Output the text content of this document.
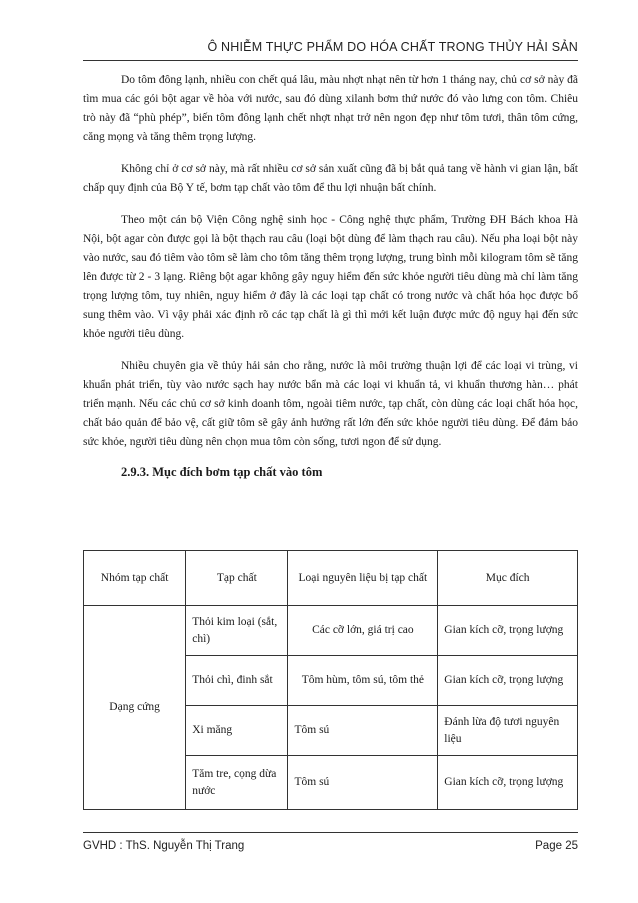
Ô NHIỄM THỰC PHẨM DO HÓA CHẤT TRONG THỦY HẢI SẢN

Do tôm đông lạnh, nhiều con chết quá lâu, màu nhợt nhạt nên từ hơn 1 tháng nay, chủ cơ sở này đã tìm mua các gói bột agar về hòa với nước, sau đó dùng xilanh bơm thứ nước đó vào lưng con tôm. Chiêu trò này đã “phù phép”, biến tôm đông lạnh chết nhợt nhạt trở nên ngon đẹp như tôm tươi, thân tôm cứng, căng mọng và tăng thêm trọng lượng.

Không chỉ ở cơ sở này, mà rất nhiều cơ sở sản xuất cũng đã bị bắt quả tang về hành vi gian lận, bất chấp quy định của Bộ Y tế, bơm tạp chất vào tôm để thu lợi nhuận bất chính.

Theo một cán bộ Viện Công nghệ sinh học - Công nghệ thực phẩm, Trường ĐH Bách khoa Hà Nội, bột agar còn được gọi là bột thạch rau câu (loại bột dùng để làm thạch rau câu). Nếu pha loại bột này vào nước, sau đó tiêm vào tôm sẽ làm cho tôm tăng thêm trọng lượng, trung bình mỗi kilogram tôm sẽ tăng lên được từ 2 - 3 lạng. Riêng bột agar không gây nguy hiểm đến sức khỏe người tiêu dùng mà chỉ làm tăng trọng lượng tôm, tuy nhiên, nguy hiểm ở đây là các loại tạp chất có trong nước và chất hóa học được bổ sung thêm vào. Vì vậy phải xác định rõ các tạp chất là gì thì mới kết luận được mức độ nguy hại đến sức khỏe người tiêu dùng.

Nhiều chuyên gia về thủy hải sản cho rằng, nước là môi trường thuận lợi để các loại vi trùng, vi khuẩn phát triển, tùy vào nước sạch hay nước bẩn mà các loại vi khuẩn tả, vi khuẩn thương hàn… phát triển mạnh. Nếu các chủ cơ sở kinh doanh tôm, ngoài tiêm nước, tạp chất, còn dùng các loại chất hóa học, chất bảo quản để bảo vệ, cất giữ tôm sẽ gây ảnh hưởng rất lớn đến sức khỏe người tiêu dùng. Để đảm bảo sức khỏe, người tiêu dùng nên chọn mua tôm còn sống, tươi ngon để sử dụng.

2.9.3. Mục đích bơm tạp chất vào tôm
Nhóm tạp chất	Tạp chất	Loại nguyên liệu bị tạp chất	Mục đích
Dạng cứng	Thỏi kim loại (sắt, chì)	Các cỡ lớn, giá trị cao	Gian kích cỡ, trọng lượng
	Thỏi chì, đinh sắt	Tôm hùm, tôm sú, tôm thẻ	Gian kích cỡ, trọng lượng
	Xi măng	Tôm sú	Đánh lừa độ tươi nguyên liệu
	Tăm tre, cọng dừa nước	Tôm sú	Gian kích cỡ, trọng lượng
GVHD : ThS. Nguyễn Thị Trang	Page 25
